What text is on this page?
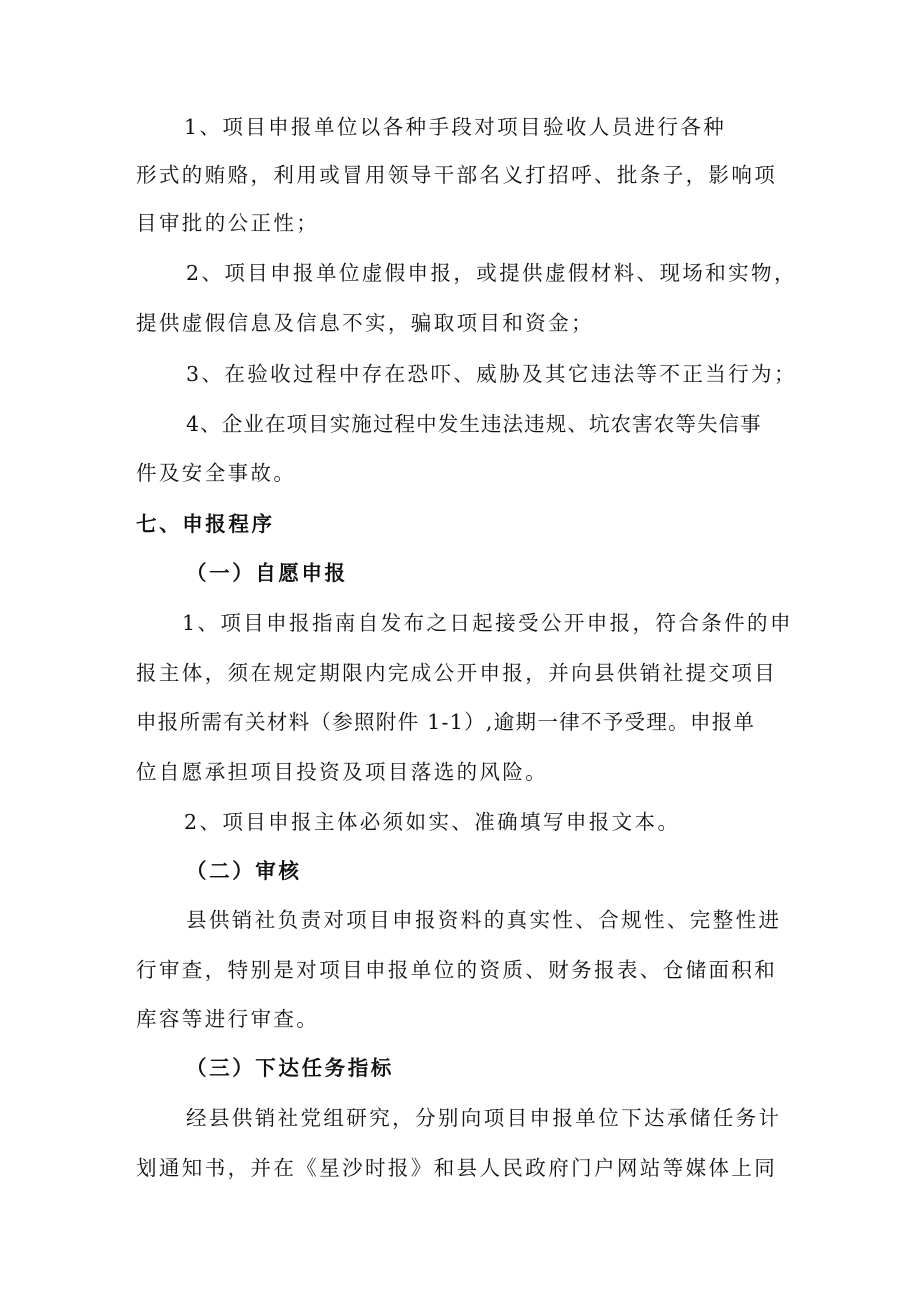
1、项目申报单位以各种手段对项目验收人员进行各种
形式的贿赂，利用或冒用领导干部名义打招呼、批条子，影响项
目审批的公正性；
2、项目申报单位虚假申报，或提供虚假材料、现场和实物，
提供虚假信息及信息不实，骗取项目和资金；
3、在验收过程中存在恐吓、威胁及其它违法等不正当行为；
4、企业在项目实施过程中发生违法违规、坑农害农等失信事
件及安全事故。
七、申报程序
（一）自愿申报
1、项目申报指南自发布之日起接受公开申报，符合条件的申
报主体，须在规定期限内完成公开申报，并向县供销社提交项目
申报所需有关材料（参照附件 1-1）,逾期一律不予受理。申报单
位自愿承担项目投资及项目落选的风险。
2、项目申报主体必须如实、准确填写申报文本。
（二）审核
县供销社负责对项目申报资料的真实性、合规性、完整性进
行审查，特别是对项目申报单位的资质、财务报表、仓储面积和
库容等进行审查。
（三）下达任务指标
经县供销社党组研究，分别向项目申报单位下达承储任务计
划通知书，并在《星沙时报》和县人民政府门户网站等媒体上同
